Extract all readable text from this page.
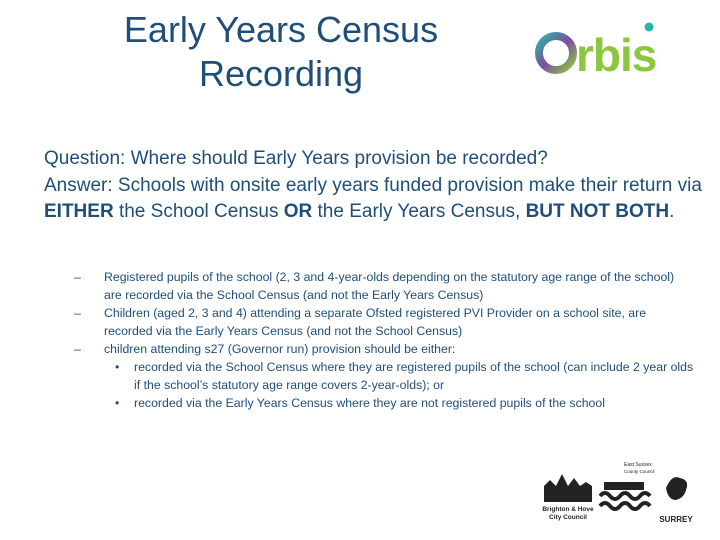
Early Years Census
Recording	rbis

Question: Where should Early Years provision be recorded?

Answer: Schools with onsite early years funded provision make their return via EITHER the School Census OR the Early Years Census, BUT NOT BOTH.

– Registered pupils of the school (2, 3 and 4-year-olds depending on the statutory age range of the school) are recorded via the School Census (and not the Early Years Census)

– Children (aged 2, 3 and 4) attending a separate Ofsted registered PVI Provider on a school site, are recorded via the Early Years Census (and not the School Census)

– children attending s27 (Governor run) provision should be either:

• recorded via the School Census where they are registered pupils of the school (can include 2 year olds if the school’s statutory age range covers 2-year-olds); or

• recorded via the Early Years Census where they are not registered pupils of the school

Brighton & Hove
City Council
East Sussex
County Council
SURREY
